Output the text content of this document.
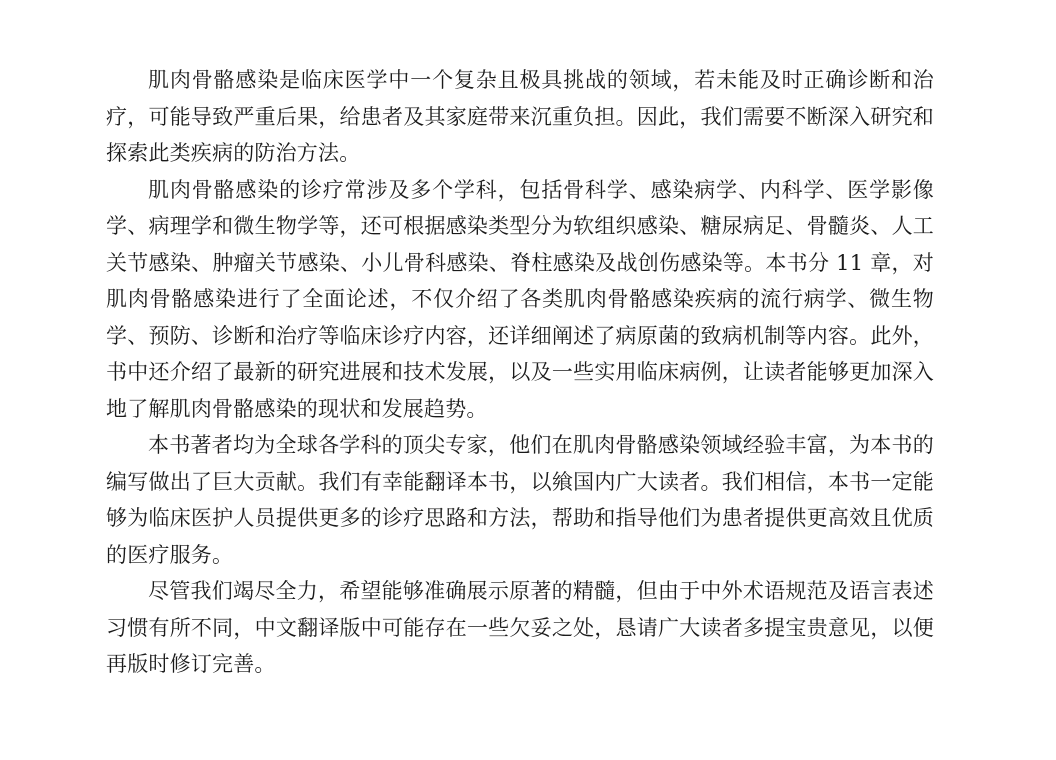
肌肉骨骼感染是临床医学中一个复杂且极具挑战的领域，若未能及时正确诊断和治疗，可能导致严重后果，给患者及其家庭带来沉重负担。因此，我们需要不断深入研究和探索此类疾病的防治方法。

肌肉骨骼感染的诊疗常涉及多个学科，包括骨科学、感染病学、内科学、医学影像学、病理学和微生物学等，还可根据感染类型分为软组织感染、糖尿病足、骨髓炎、人工关节感染、肿瘤关节感染、小儿骨科感染、脊柱感染及战创伤感染等。本书分 11 章，对肌肉骨骼感染进行了全面论述，不仅介绍了各类肌肉骨骼感染疾病的流行病学、微生物学、预防、诊断和治疗等临床诊疗内容，还详细阐述了病原菌的致病机制等内容。此外，书中还介绍了最新的研究进展和技术发展，以及一些实用临床病例，让读者能够更加深入地了解肌肉骨骼感染的现状和发展趋势。

本书著者均为全球各学科的顶尖专家，他们在肌肉骨骼感染领域经验丰富，为本书的编写做出了巨大贡献。我们有幸能翻译本书，以飨国内广大读者。我们相信，本书一定能够为临床医护人员提供更多的诊疗思路和方法，帮助和指导他们为患者提供更高效且优质的医疗服务。

尽管我们竭尽全力，希望能够准确展示原著的精髓，但由于中外术语规范及语言表述习惯有所不同，中文翻译版中可能存在一些欠妥之处，恳请广大读者多提宝贵意见，以便再版时修订完善。
